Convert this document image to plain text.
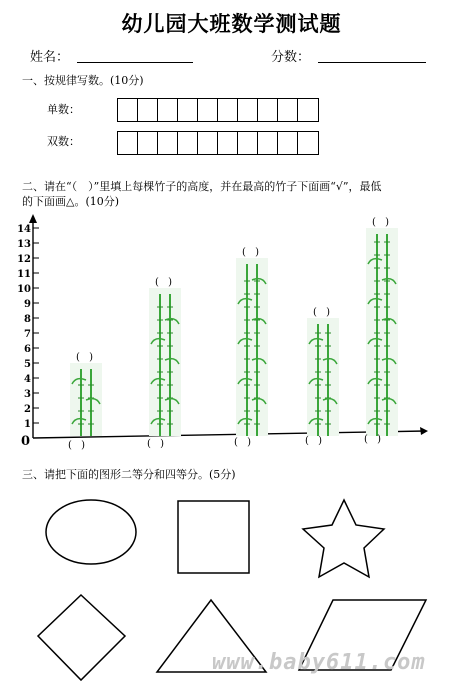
幼儿园大班数学测试题
姓名：	分数：
一、按规律写数。(10分)
单数：
双数：
二、请在“（　）”里填上每棵竹子的高度，并在最高的竹子下面画“√”，最低
的下面画△。(10分)
0
1
2
3
4
5
6
7
8
9
10
11
12
13
14
( )
( )
( )
( )
( )
( )
( )
( )
( )
( )
三、请把下面的图形二等分和四等分。(5分)
www.baby611.com
